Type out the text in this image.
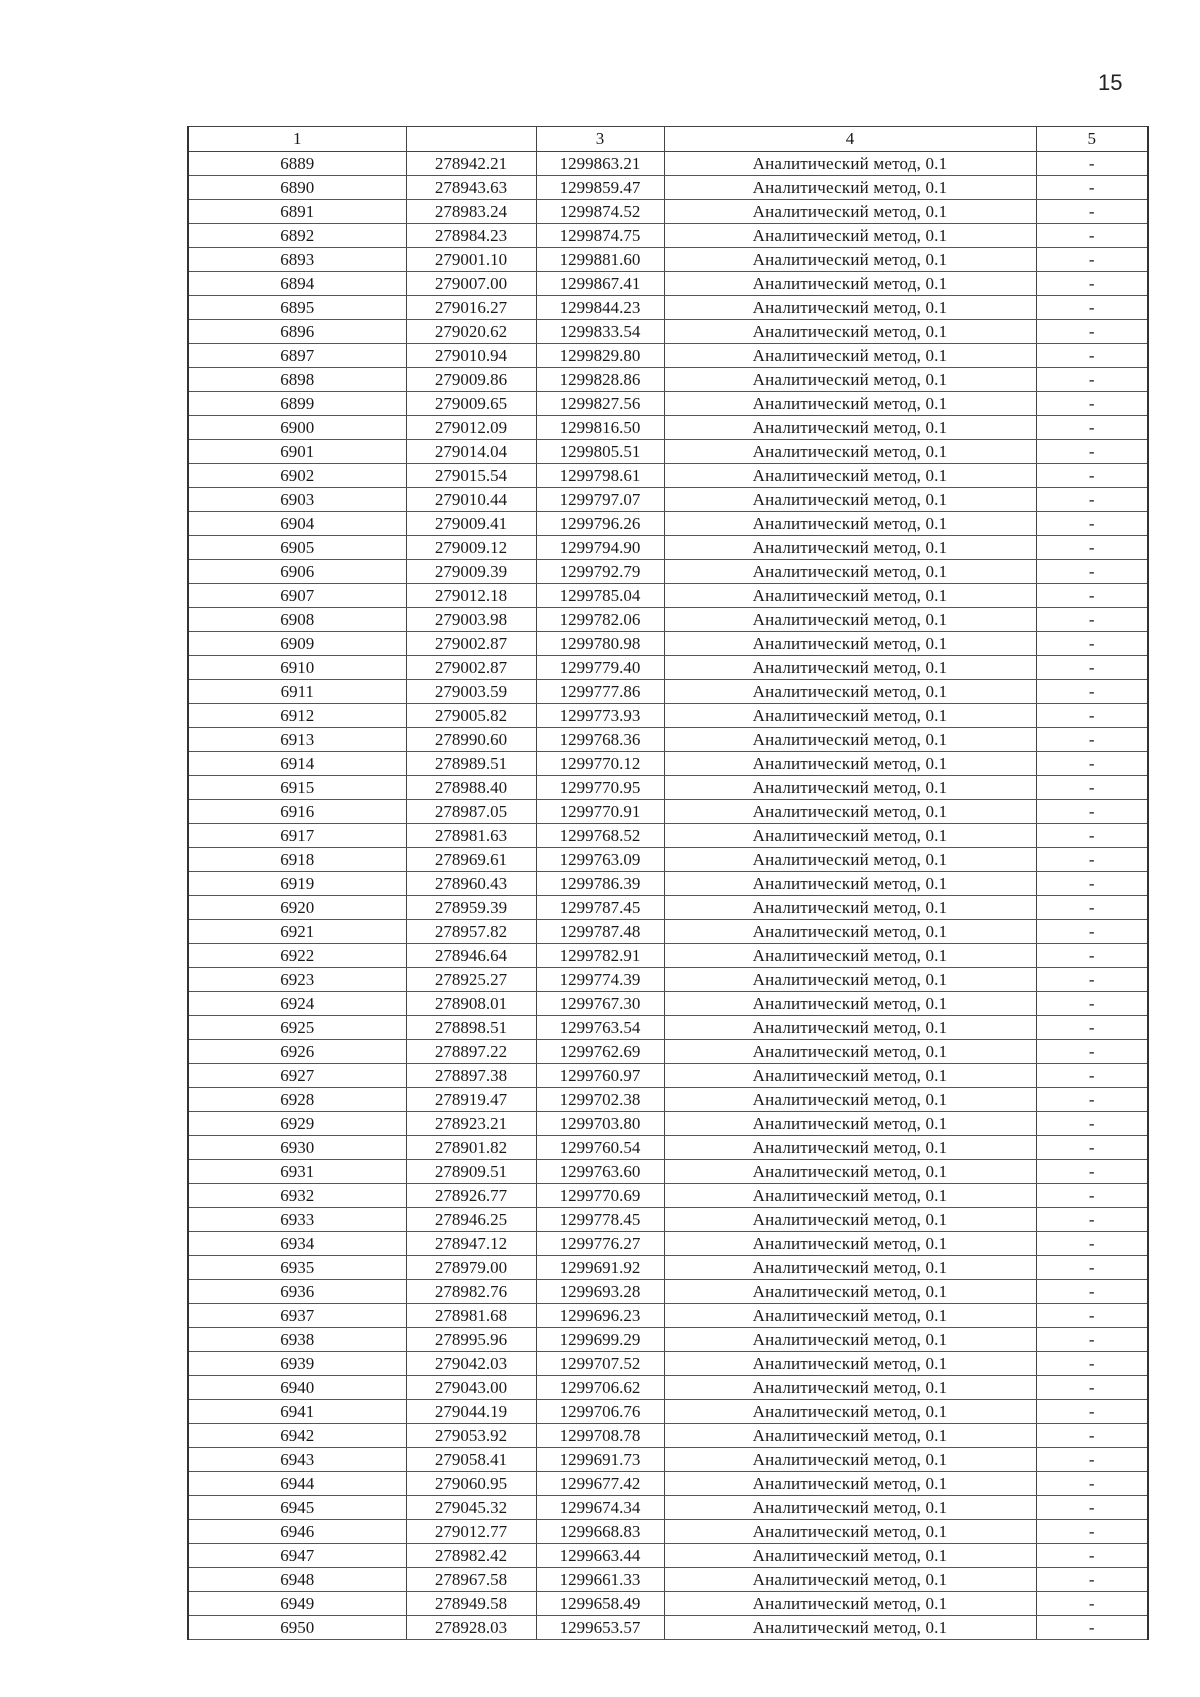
15
1		3	4	5
6889	278942.21	1299863.21	Аналитический метод, 0.1	-
6890	278943.63	1299859.47	Аналитический метод, 0.1	-
6891	278983.24	1299874.52	Аналитический метод, 0.1	-
6892	278984.23	1299874.75	Аналитический метод, 0.1	-
6893	279001.10	1299881.60	Аналитический метод, 0.1	-
6894	279007.00	1299867.41	Аналитический метод, 0.1	-
6895	279016.27	1299844.23	Аналитический метод, 0.1	-
6896	279020.62	1299833.54	Аналитический метод, 0.1	-
6897	279010.94	1299829.80	Аналитический метод, 0.1	-
6898	279009.86	1299828.86	Аналитический метод, 0.1	-
6899	279009.65	1299827.56	Аналитический метод, 0.1	-
6900	279012.09	1299816.50	Аналитический метод, 0.1	-
6901	279014.04	1299805.51	Аналитический метод, 0.1	-
6902	279015.54	1299798.61	Аналитический метод, 0.1	-
6903	279010.44	1299797.07	Аналитический метод, 0.1	-
6904	279009.41	1299796.26	Аналитический метод, 0.1	-
6905	279009.12	1299794.90	Аналитический метод, 0.1	-
6906	279009.39	1299792.79	Аналитический метод, 0.1	-
6907	279012.18	1299785.04	Аналитический метод, 0.1	-
6908	279003.98	1299782.06	Аналитический метод, 0.1	-
6909	279002.87	1299780.98	Аналитический метод, 0.1	-
6910	279002.87	1299779.40	Аналитический метод, 0.1	-
6911	279003.59	1299777.86	Аналитический метод, 0.1	-
6912	279005.82	1299773.93	Аналитический метод, 0.1	-
6913	278990.60	1299768.36	Аналитический метод, 0.1	-
6914	278989.51	1299770.12	Аналитический метод, 0.1	-
6915	278988.40	1299770.95	Аналитический метод, 0.1	-
6916	278987.05	1299770.91	Аналитический метод, 0.1	-
6917	278981.63	1299768.52	Аналитический метод, 0.1	-
6918	278969.61	1299763.09	Аналитический метод, 0.1	-
6919	278960.43	1299786.39	Аналитический метод, 0.1	-
6920	278959.39	1299787.45	Аналитический метод, 0.1	-
6921	278957.82	1299787.48	Аналитический метод, 0.1	-
6922	278946.64	1299782.91	Аналитический метод, 0.1	-
6923	278925.27	1299774.39	Аналитический метод, 0.1	-
6924	278908.01	1299767.30	Аналитический метод, 0.1	-
6925	278898.51	1299763.54	Аналитический метод, 0.1	-
6926	278897.22	1299762.69	Аналитический метод, 0.1	-
6927	278897.38	1299760.97	Аналитический метод, 0.1	-
6928	278919.47	1299702.38	Аналитический метод, 0.1	-
6929	278923.21	1299703.80	Аналитический метод, 0.1	-
6930	278901.82	1299760.54	Аналитический метод, 0.1	-
6931	278909.51	1299763.60	Аналитический метод, 0.1	-
6932	278926.77	1299770.69	Аналитический метод, 0.1	-
6933	278946.25	1299778.45	Аналитический метод, 0.1	-
6934	278947.12	1299776.27	Аналитический метод, 0.1	-
6935	278979.00	1299691.92	Аналитический метод, 0.1	-
6936	278982.76	1299693.28	Аналитический метод, 0.1	-
6937	278981.68	1299696.23	Аналитический метод, 0.1	-
6938	278995.96	1299699.29	Аналитический метод, 0.1	-
6939	279042.03	1299707.52	Аналитический метод, 0.1	-
6940	279043.00	1299706.62	Аналитический метод, 0.1	-
6941	279044.19	1299706.76	Аналитический метод, 0.1	-
6942	279053.92	1299708.78	Аналитический метод, 0.1	-
6943	279058.41	1299691.73	Аналитический метод, 0.1	-
6944	279060.95	1299677.42	Аналитический метод, 0.1	-
6945	279045.32	1299674.34	Аналитический метод, 0.1	-
6946	279012.77	1299668.83	Аналитический метод, 0.1	-
6947	278982.42	1299663.44	Аналитический метод, 0.1	-
6948	278967.58	1299661.33	Аналитический метод, 0.1	-
6949	278949.58	1299658.49	Аналитический метод, 0.1	-
6950	278928.03	1299653.57	Аналитический метод, 0.1	-
